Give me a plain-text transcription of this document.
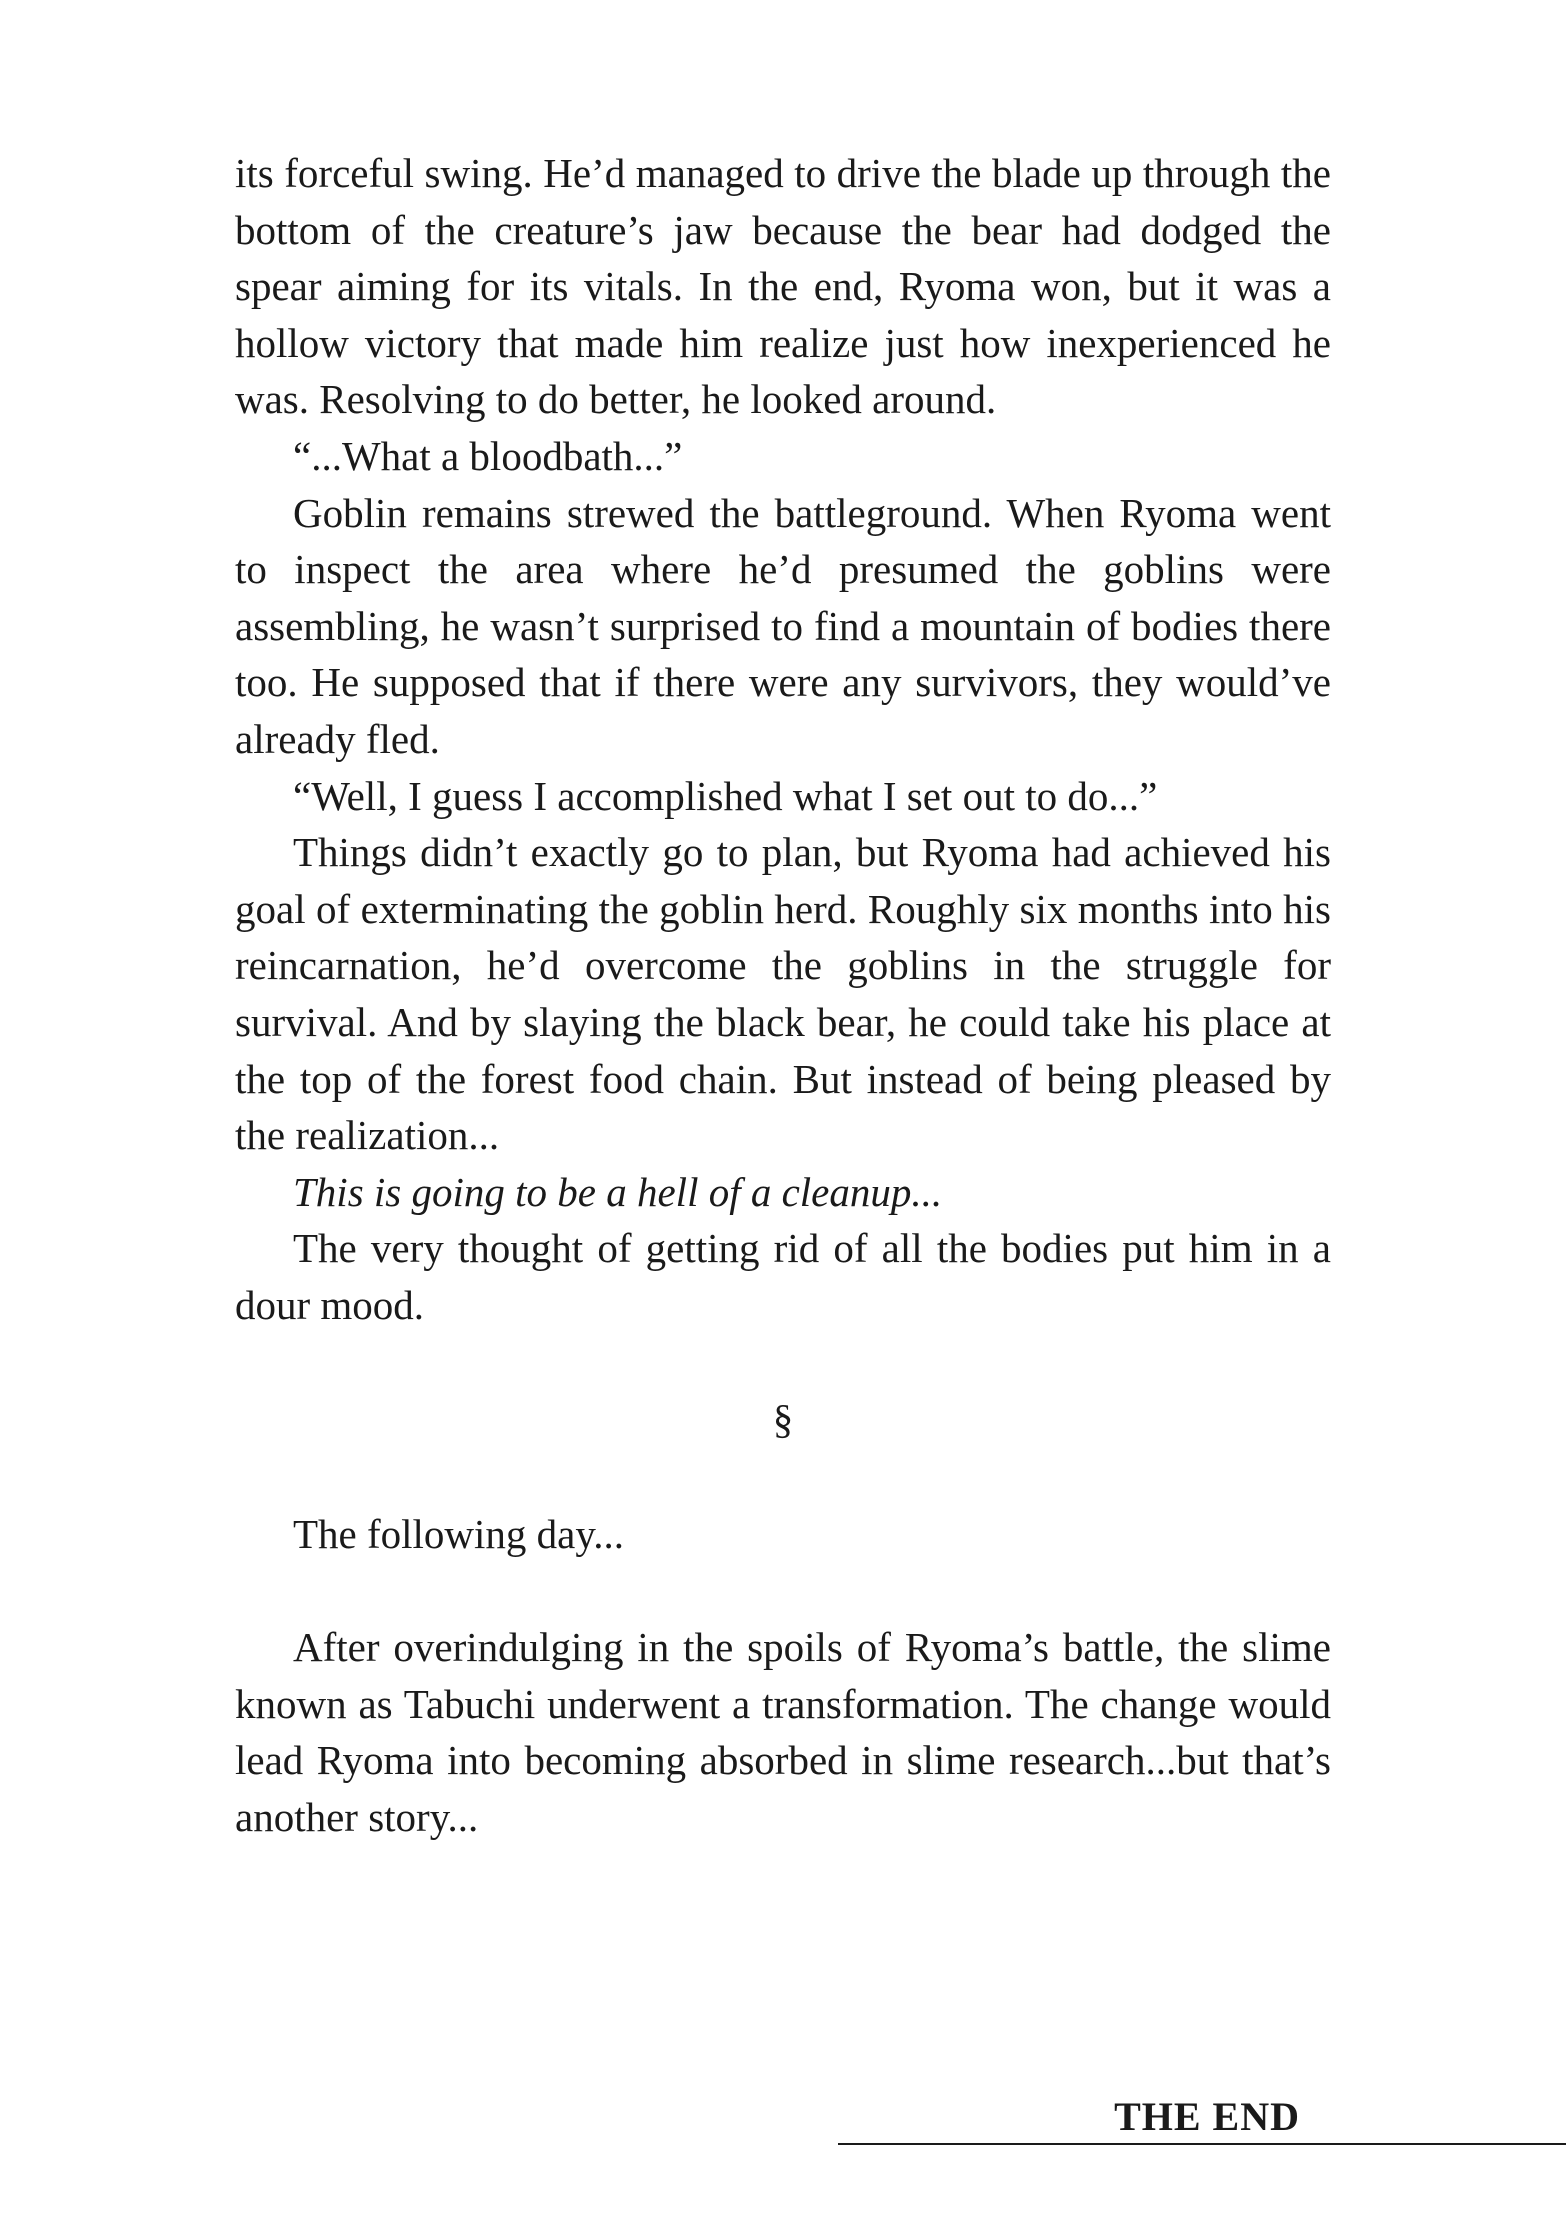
its forceful swing. He’d managed to drive the blade up through the bottom of the creature’s jaw because the bear had dodged the spear aiming for its vitals. In the end, Ryoma won, but it was a hollow victory that made him realize just how inexperienced he was. Resolving to do better, he looked around.

“...What a bloodbath...”

Goblin remains strewed the battleground. When Ryoma went to inspect the area where he’d presumed the goblins were assembling, he wasn’t surprised to find a mountain of bodies there too. He supposed that if there were any survivors, they would’ve already fled.

“Well, I guess I accomplished what I set out to do...”

Things didn’t exactly go to plan, but Ryoma had achieved his goal of exterminating the goblin herd. Roughly six months into his reincarnation, he’d overcome the goblins in the struggle for survival. And by slaying the black bear, he could take his place at the top of the forest food chain. But instead of being pleased by the realization...

This is going to be a hell of a cleanup...

The very thought of getting rid of all the bodies put him in a dour mood.

§

The following day...

After overindulging in the spoils of Ryoma’s battle, the slime known as Tabuchi underwent a transformation. The change would lead Ryoma into becoming absorbed in slime research...but that’s another story...

THE END
